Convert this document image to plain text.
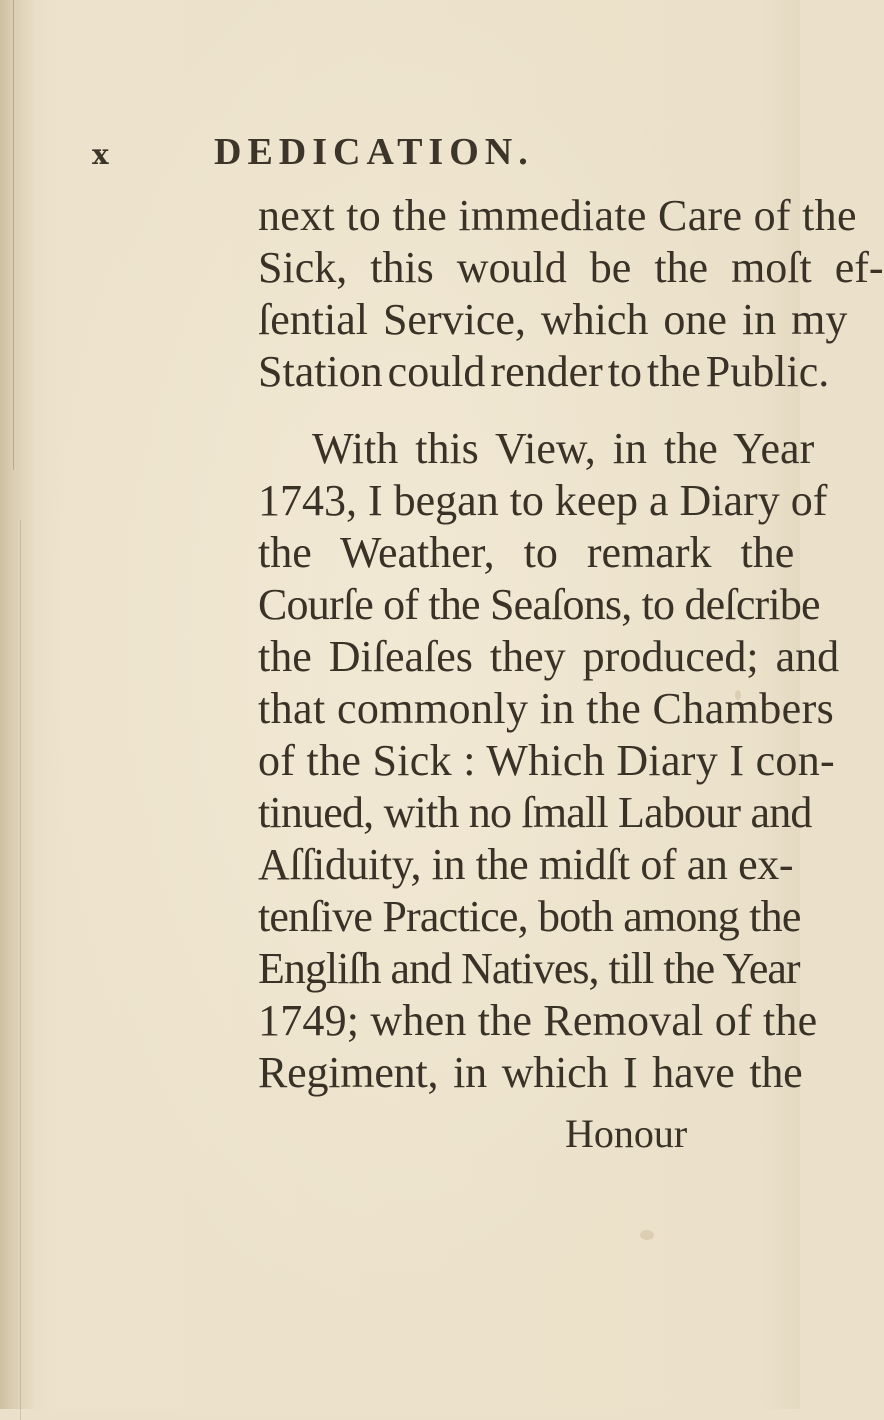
x	DEDICATION.
next to the immediate Care of the
Sick, this would be the moſt ef-
ſential Service, which one in my
Station could render to the Public.
With this View, in the Year
1743, I began to keep a Diary of
the Weather, to remark the
Courſe of the Seaſons, to deſcribe
the Diſeaſes they produced; and
that commonly in the Chambers
of the Sick : Which Diary I con-
tinued, with no ſmall Labour and
Aſſiduity, in the midſt of an ex-
tenſive Practice, both among the
Engliſh and Natives, till the Year
1749; when the Removal of the
Regiment, in which I have the
Honour
